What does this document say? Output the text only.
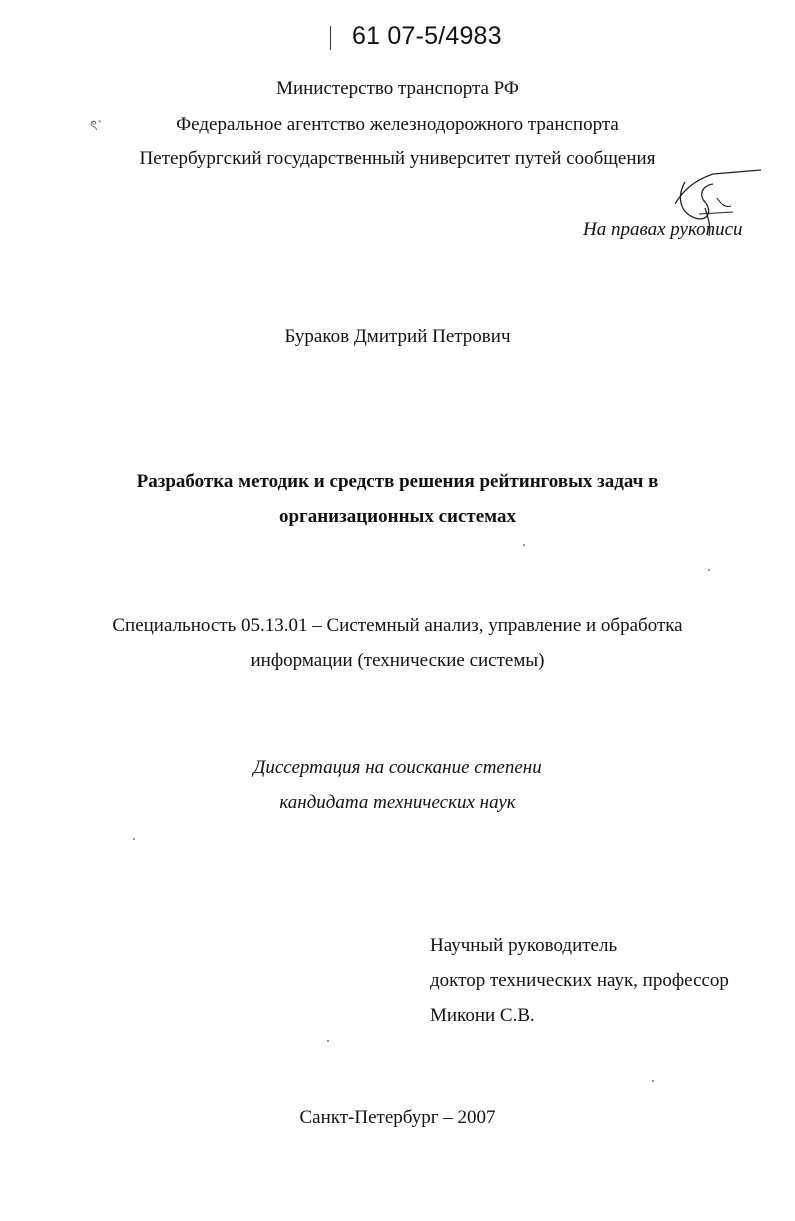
61 07-5/4983
ৎ`
Министерство транспорта РФ
Федеральное агентство железнодорожного транспорта
Петербургский государственный университет путей сообщения
На правах рукописи
Бураков Дмитрий Петрович
Разработка методик и средств решения рейтинговых задач в
организационных системах
Специальность 05.13.01 – Системный анализ, управление и обработка
информации (технические системы)
Диссертация на соискание степени
кандидата технических наук
Научный руководитель
доктор технических наук, профессор
Микони С.В.
Санкт-Петербург – 2007
